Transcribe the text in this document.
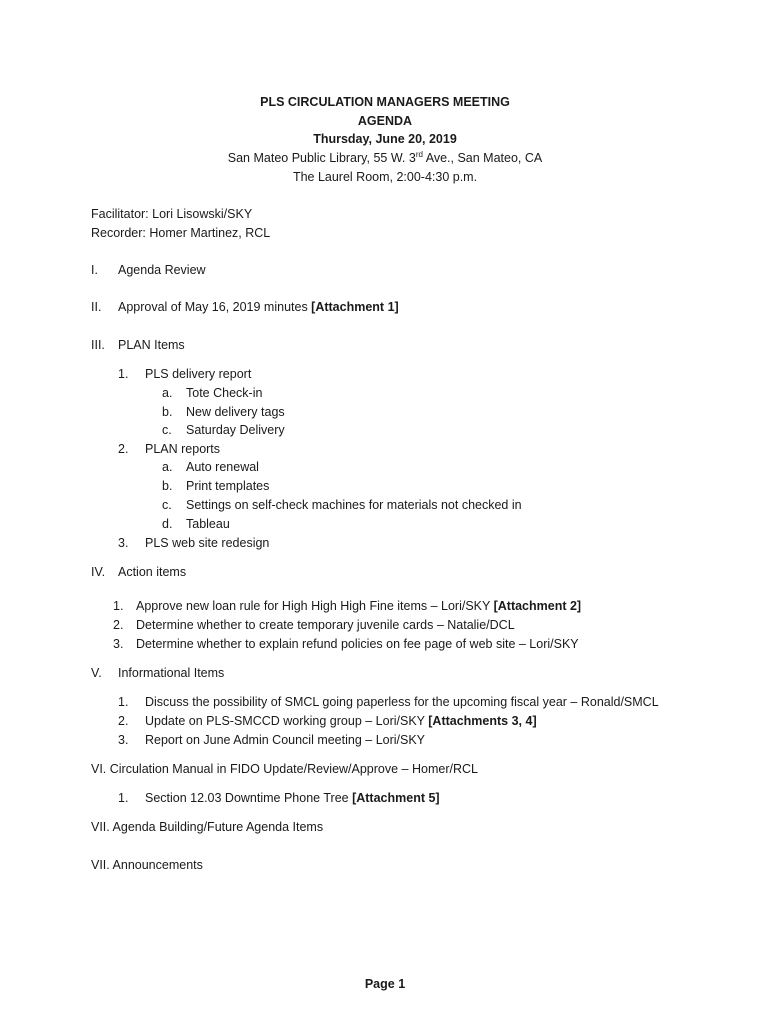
PLS CIRCULATION MANAGERS MEETING
AGENDA
Thursday, June 20, 2019
San Mateo Public Library, 55 W. 3rd Ave., San Mateo, CA
The Laurel Room, 2:00-4:30 p.m.
Facilitator: Lori Lisowski/SKY
Recorder: Homer Martinez, RCL
I. Agenda Review
II. Approval of May 16, 2019 minutes [Attachment 1]
III. PLAN Items
1. PLS delivery report
a. Tote Check-in
b. New delivery tags
c. Saturday Delivery
2. PLAN reports
a. Auto renewal
b. Print templates
c. Settings on self-check machines for materials not checked in
d. Tableau
3. PLS web site redesign
IV. Action items
1. Approve new loan rule for High High High Fine items – Lori/SKY [Attachment 2]
2. Determine whether to create temporary juvenile cards – Natalie/DCL
3. Determine whether to explain refund policies on fee page of web site – Lori/SKY
V. Informational Items
1. Discuss the possibility of SMCL going paperless for the upcoming fiscal year – Ronald/SMCL
2. Update on PLS-SMCCD working group – Lori/SKY [Attachments 3, 4]
3. Report on June Admin Council meeting – Lori/SKY
VI. Circulation Manual in FIDO Update/Review/Approve – Homer/RCL
1. Section 12.03 Downtime Phone Tree [Attachment 5]
VII. Agenda Building/Future Agenda Items
VII. Announcements
Page 1
